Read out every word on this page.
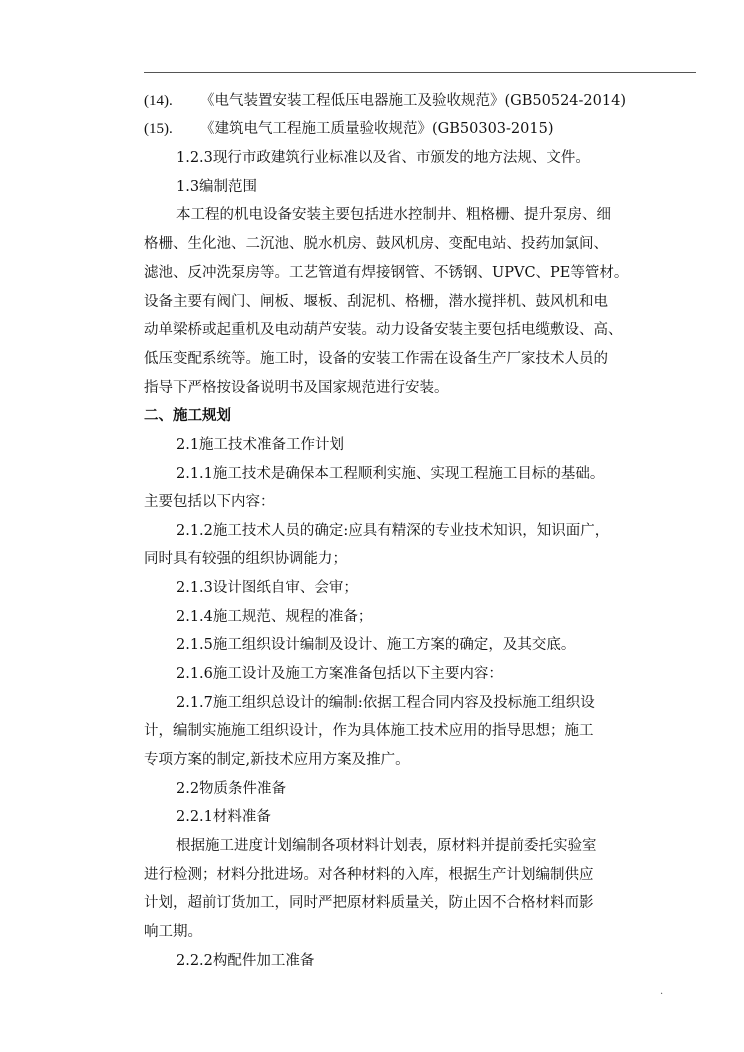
(14). 《电气装置安装工程低压电器施工及验收规范》(GB50524-2014)
(15). 《建筑电气工程施工质量验收规范》(GB50303-2015)
1.2.3现行市政建筑行业标准以及省、市颁发的地方法规、文件。
1.3编制范围
本工程的机电设备安装主要包括进水控制井、粗格栅、提升泵房、细
格栅、生化池、二沉池、脱水机房、鼓风机房、变配电站、投药加氯间、
滤池、反冲洗泵房等。工艺管道有焊接钢管、不锈钢、UPVC、PE等管材。
设备主要有阀门、闸板、堰板、刮泥机、格栅，潜水搅拌机、鼓风机和电
动单梁桥或起重机及电动葫芦安装。动力设备安装主要包括电缆敷设、高、
低压变配系统等。施工时，设备的安装工作需在设备生产厂家技术人员的
指导下严格按设备说明书及国家规范进行安装。
二、施工规划
2.1施工技术准备工作计划
2.1.1施工技术是确保本工程顺利实施、实现工程施工目标的基础。
主要包括以下内容：
2.1.2施工技术人员的确定:应具有精深的专业技术知识，知识面广，
同时具有较强的组织协调能力；
2.1.3设计图纸自审、会审；
2.1.4施工规范、规程的准备；
2.1.5施工组织设计编制及设计、施工方案的确定，及其交底。
2.1.6施工设计及施工方案准备包括以下主要内容：
2.1.7施工组织总设计的编制:依据工程合同内容及投标施工组织设
计，编制实施施工组织设计，作为具体施工技术应用的指导思想；施工
专项方案的制定,新技术应用方案及推广。
2.2物质条件准备
2.2.1材料准备
根据施工进度计划编制各项材料计划表，原材料并提前委托实验室
进行检测；材料分批进场。对各种材料的入库，根据生产计划编制供应
计划，超前订货加工，同时严把原材料质量关，防止因不合格材料而影
响工期。
2.2.2构配件加工准备
.
